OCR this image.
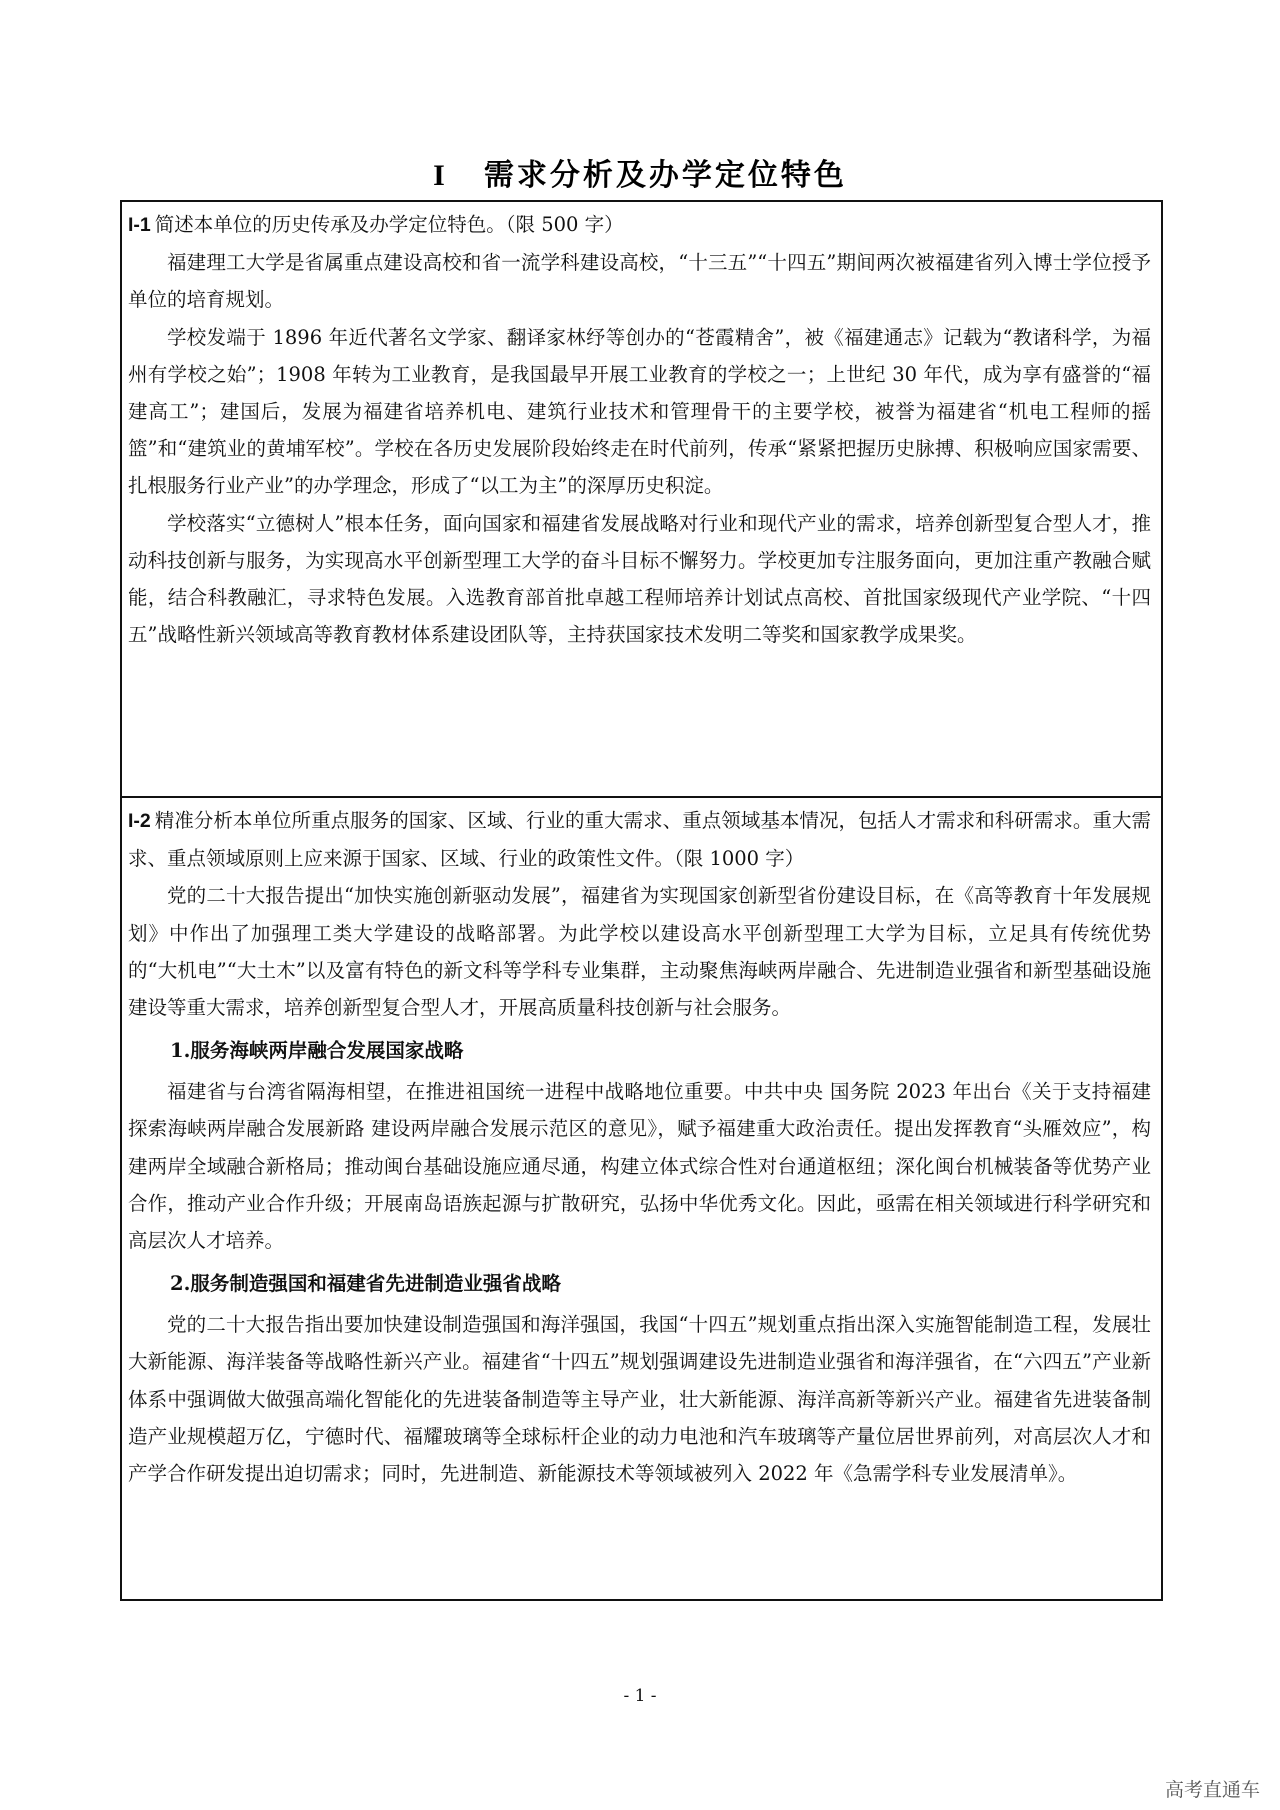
I 需求分析及办学定位特色

I-1 简述本单位的历史传承及办学定位特色。（限 500 字）

福建理工大学是省属重点建设高校和省一流学科建设高校，“十三五”“十四五”期间两次被福建省列入博士学位授予单位的培育规划。

学校发端于 1896 年近代著名文学家、翻译家林纾等创办的“苍霞精舍”，被《福建通志》记载为“教诸科学，为福州有学校之始”；1908 年转为工业教育，是我国最早开展工业教育的学校之一；上世纪 30 年代，成为享有盛誉的“福建高工”；建国后，发展为福建省培养机电、建筑行业技术和管理骨干的主要学校，被誉为福建省“机电工程师的摇篮”和“建筑业的黄埔军校”。学校在各历史发展阶段始终走在时代前列，传承“紧紧把握历史脉搏、积极响应国家需要、扎根服务行业产业”的办学理念，形成了“以工为主”的深厚历史积淀。

学校落实“立德树人”根本任务，面向国家和福建省发展战略对行业和现代产业的需求，培养创新型复合型人才，推动科技创新与服务，为实现高水平创新型理工大学的奋斗目标不懈努力。学校更加专注服务面向，更加注重产教融合赋能，结合科教融汇，寻求特色发展。入选教育部首批卓越工程师培养计划试点高校、首批国家级现代产业学院、“十四五”战略性新兴领域高等教育教材体系建设团队等，主持获国家技术发明二等奖和国家教学成果奖。

I-2 精准分析本单位所重点服务的国家、区域、行业的重大需求、重点领域基本情况，包括人才需求和科研需求。重大需求、重点领域原则上应来源于国家、区域、行业的政策性文件。（限 1000 字）

党的二十大报告提出“加快实施创新驱动发展”，福建省为实现国家创新型省份建设目标，在《高等教育十年发展规划》中作出了加强理工类大学建设的战略部署。为此学校以建设高水平创新型理工大学为目标，立足具有传统优势的“大机电”“大土木”以及富有特色的新文科等学科专业集群，主动聚焦海峡两岸融合、先进制造业强省和新型基础设施建设等重大需求，培养创新型复合型人才，开展高质量科技创新与社会服务。

1.服务海峡两岸融合发展国家战略

福建省与台湾省隔海相望，在推进祖国统一进程中战略地位重要。中共中央 国务院 2023 年出台《关于支持福建探索海峡两岸融合发展新路 建设两岸融合发展示范区的意见》，赋予福建重大政治责任。提出发挥教育“头雁效应”，构建两岸全域融合新格局；推动闽台基础设施应通尽通，构建立体式综合性对台通道枢纽；深化闽台机械装备等优势产业合作，推动产业合作升级；开展南岛语族起源与扩散研究，弘扬中华优秀文化。因此，亟需在相关领域进行科学研究和高层次人才培养。

2.服务制造强国和福建省先进制造业强省战略

党的二十大报告指出要加快建设制造强国和海洋强国，我国“十四五”规划重点指出深入实施智能制造工程，发展壮大新能源、海洋装备等战略性新兴产业。福建省“十四五”规划强调建设先进制造业强省和海洋强省，在“六四五”产业新体系中强调做大做强高端化智能化的先进装备制造等主导产业，壮大新能源、海洋高新等新兴产业。福建省先进装备制造产业规模超万亿，宁德时代、福耀玻璃等全球标杆企业的动力电池和汽车玻璃等产量位居世界前列，对高层次人才和产学合作研发提出迫切需求；同时，先进制造、新能源技术等领域被列入 2022 年《急需学科专业发展清单》。

- 1 -
高考直通车
